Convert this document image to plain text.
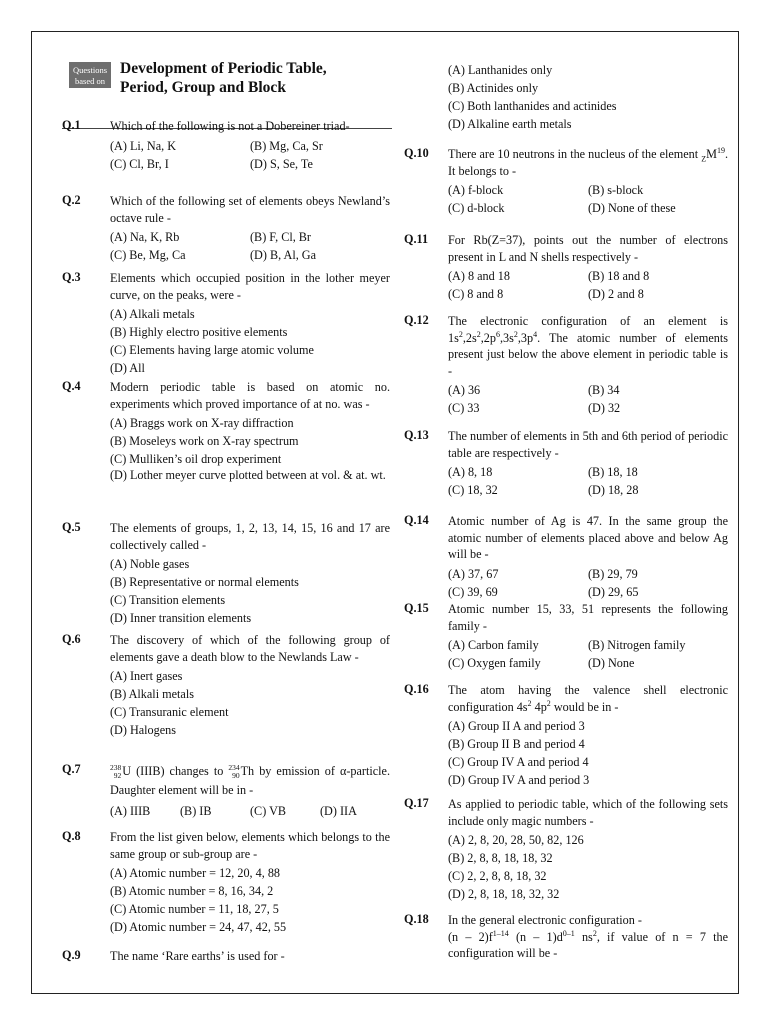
Questions
based on
Development of Periodic Table,
Period, Group and Block
Q.1	Which of the following is not a Dobereiner triad-
(A) Li, Na, K	(B) Mg, Ca, Sr
(C) Cl, Br, I	(D) S, Se, Te
Q.2	Which of the following set of elements obeys Newland’s octave rule -
(A) Na, K, Rb	(B) F, Cl, Br
(C) Be, Mg, Ca	(D) B, Al, Ga
Q.3	Elements which occupied position in the lother meyer curve, on the peaks, were -
(A) Alkali metals
(B) Highly electro positive elements
(C) Elements having large atomic volume
(D) All
Q.4	Modern periodic table is based on atomic no. experiments which proved importance of at no. was -
(A) Braggs work on X-ray diffraction
(B) Moseleys work on X-ray spectrum
(C) Mulliken’s oil drop experiment
(D) Lother meyer curve plotted between at vol. & at. wt.
Q.5	The elements of groups, 1, 2, 13, 14, 15, 16 and 17 are collectively called -
(A) Noble gases
(B) Representative or normal elements
(C) Transition elements
(D) Inner transition elements
Q.6	The discovery of which of the following group of elements gave a death blow to the Newlands Law -
(A) Inert gases
(B) Alkali metals
(C) Transuranic element
(D) Halogens
Q.7	238
92 U (IIIB) changes to 234
90 Th by emission of α-particle. Daughter element will be in -
(A) IIIB	(B) IB	(C) VB	(D) IIA
Q.8	From the list given below, elements which belongs to the same group or sub-group are -
(A) Atomic number = 12, 20, 4, 88
(B) Atomic number = 8, 16, 34, 2
(C) Atomic number = 11, 18, 27, 5
(D) Atomic number = 24, 47, 42, 55
Q.9	The name ‘Rare earths’ is used for -
(A) Lanthanides only
(B) Actinides only
(C) Both lanthanides and actinides
(D) Alkaline earth metals
Q.10	There are 10 neutrons in the nucleus of the element $_ZM^{19}$. It belongs to -
(A) f-block	(B) s-block
(C) d-block	(D) None of these
Q.11	For Rb(Z=37), points out the number of electrons present in L and N shells respectively -
(A) 8 and 18	(B) 18 and 8
(C) 8 and 8	(D) 2 and 8
Q.12	The electronic configuration of an element is $1s^2,2s^2,2p^6,3s^2,3p^4$. The atomic number of elements present just below the above element in periodic table is -
(A) 36	(B) 34
(C) 33	(D) 32
Q.13	The number of elements in 5th and 6th period of periodic table are respectively -
(A) 8, 18	(B) 18, 18
(C) 18, 32	(D) 18, 28
Q.14	Atomic number of Ag is 47. In the same group the atomic number of elements placed above and below Ag will be -
(A) 37, 67	(B) 29, 79
(C) 39, 69	(D) 29, 65
Q.15	Atomic number 15, 33, 51 represents the following family -
(A) Carbon family	(B) Nitrogen family
(C) Oxygen family	(D) None
Q.16	The atom having the valence shell electronic configuration $4s^2$ $4p^2$ would be in -
(A) Group II A and period 3
(B) Group II B and period 4
(C) Group IV A and period 4
(D) Group IV A and period 3
Q.17	As applied to periodic table, which of the following sets include only magic numbers -
(A) 2, 8, 20, 28, 50, 82, 126
(B) 2, 8, 8, 18, 18, 32
(C) 2, 2, 8, 8, 18, 32
(D) 2, 8, 18, 18, 32, 32
Q.18	In the general electronic configuration -
$(n - 2)f^{1-14}$ $(n - 1)d^{0-1}$ $ns^2$, if value of n = 7 the configuration will be -
